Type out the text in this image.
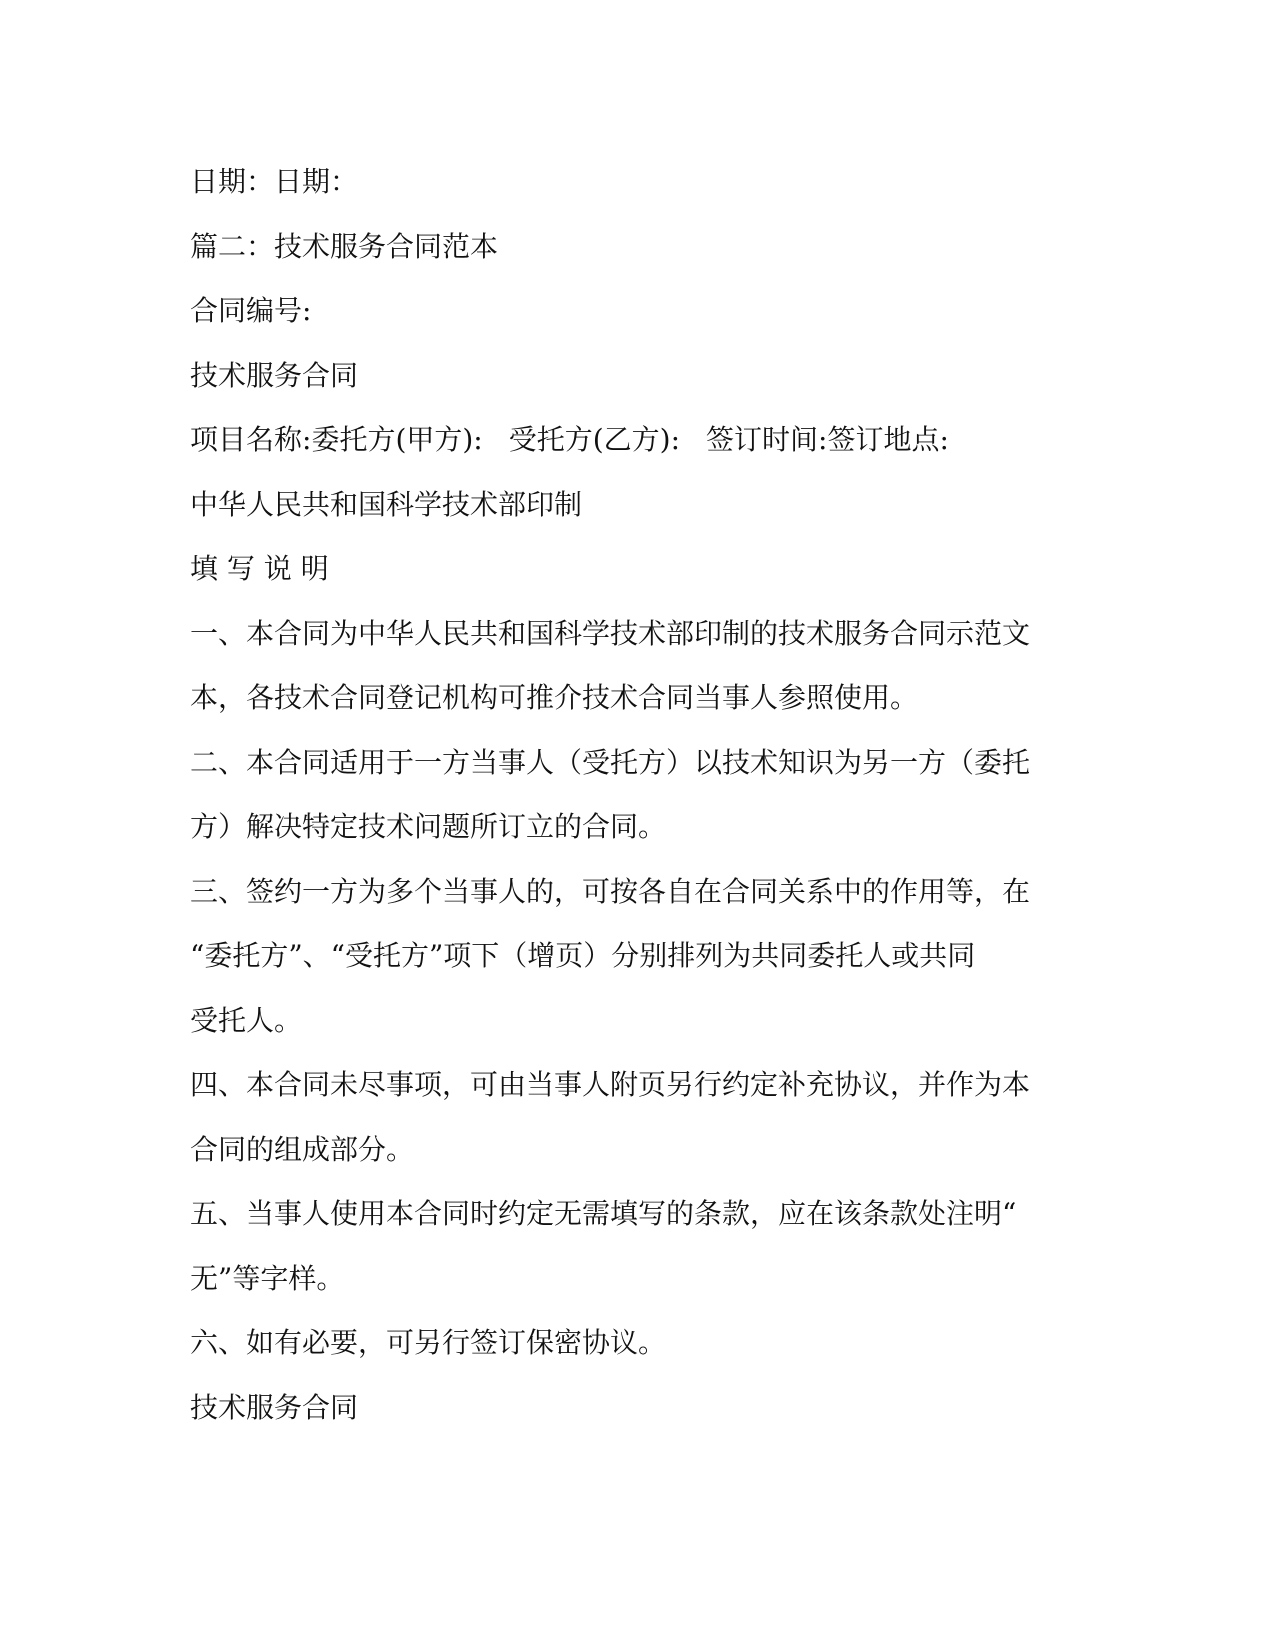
日期：日期：

篇二：技术服务合同范本

合同编号:

技术服务合同

项目名称:委托方(甲方): 受托方(乙方): 签订时间:签订地点:

中华人民共和国科学技术部印制

填 写 说 明

一、本合同为中华人民共和国科学技术部印制的技术服务合同示范文

本，各技术合同登记机构可推介技术合同当事人参照使用。

二、本合同适用于一方当事人（受托方）以技术知识为另一方（委托

方）解决特定技术问题所订立的合同。

三、签约一方为多个当事人的，可按各自在合同关系中的作用等，在

“委托方”、“受托方”项下（增页）分别排列为共同委托人或共同

受托人。

四、本合同未尽事项，可由当事人附页另行约定补充协议，并作为本

合同的组成部分。

五、当事人使用本合同时约定无需填写的条款，应在该条款处注明“

无”等字样。

六、如有必要，可另行签订保密协议。

技术服务合同
